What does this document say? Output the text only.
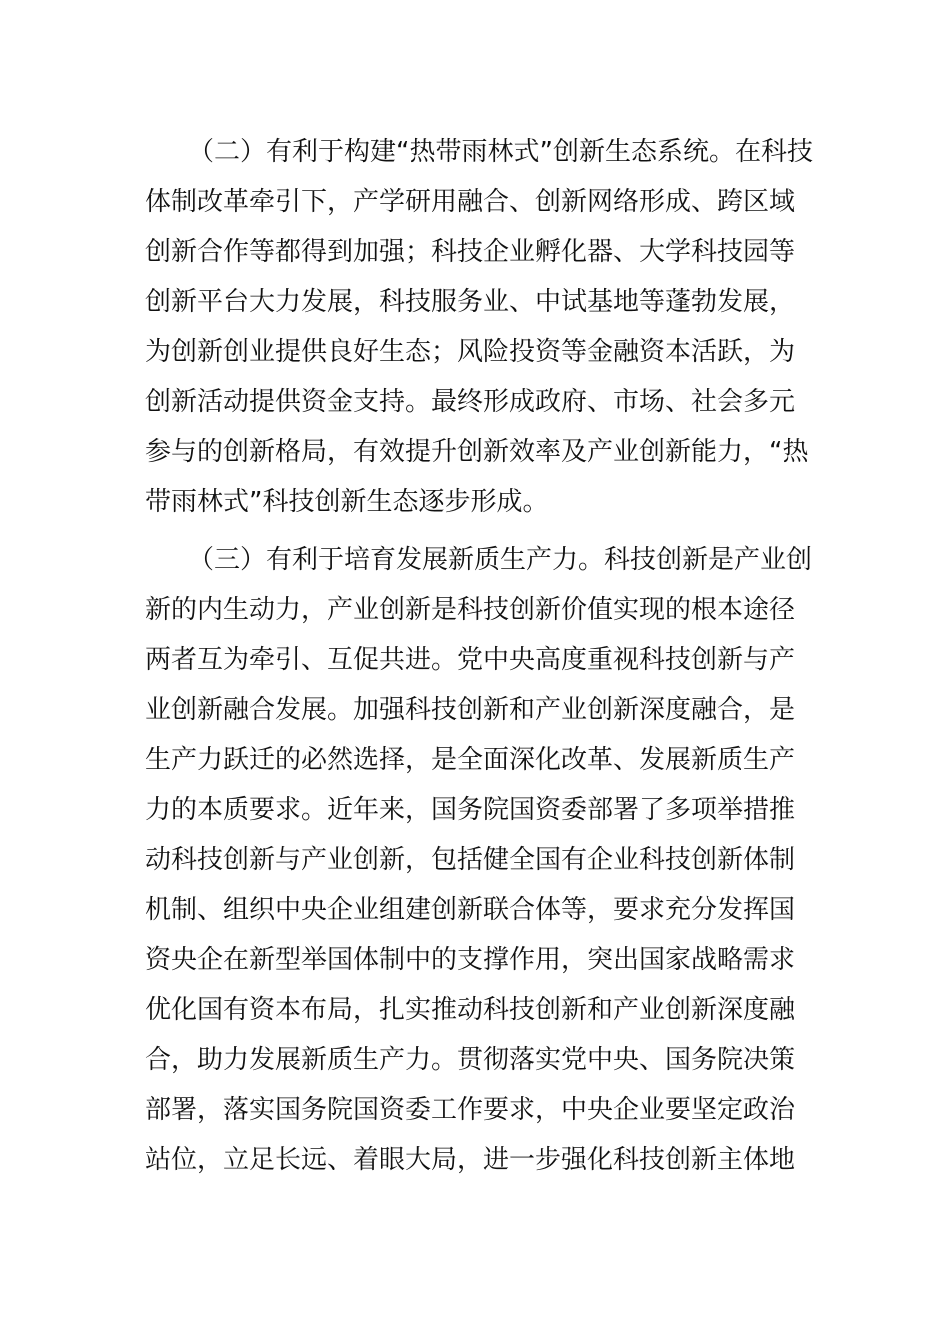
（二）有利于构建“热带雨林式”创新生态系统。在科技
体制改革牵引下，产学研用融合、创新网络形成、跨区域
创新合作等都得到加强；科技企业孵化器、大学科技园等
创新平台大力发展，科技服务业、中试基地等蓬勃发展，
为创新创业提供良好生态；风险投资等金融资本活跃，为
创新活动提供资金支持。最终形成政府、市场、社会多元
参与的创新格局，有效提升创新效率及产业创新能力，“热
带雨林式”科技创新生态逐步形成。
（三）有利于培育发展新质生产力。科技创新是产业创
新的内生动力，产业创新是科技创新价值实现的根本途径
两者互为牵引、互促共进。党中央高度重视科技创新与产
业创新融合发展。加强科技创新和产业创新深度融合，是
生产力跃迁的必然选择，是全面深化改革、发展新质生产
力的本质要求。近年来，国务院国资委部署了多项举措推
动科技创新与产业创新，包括健全国有企业科技创新体制
机制、组织中央企业组建创新联合体等，要求充分发挥国
资央企在新型举国体制中的支撑作用，突出国家战略需求
优化国有资本布局，扎实推动科技创新和产业创新深度融
合，助力发展新质生产力。贯彻落实党中央、国务院决策
部署，落实国务院国资委工作要求，中央企业要坚定政治
站位，立足长远、着眼大局，进一步强化科技创新主体地
